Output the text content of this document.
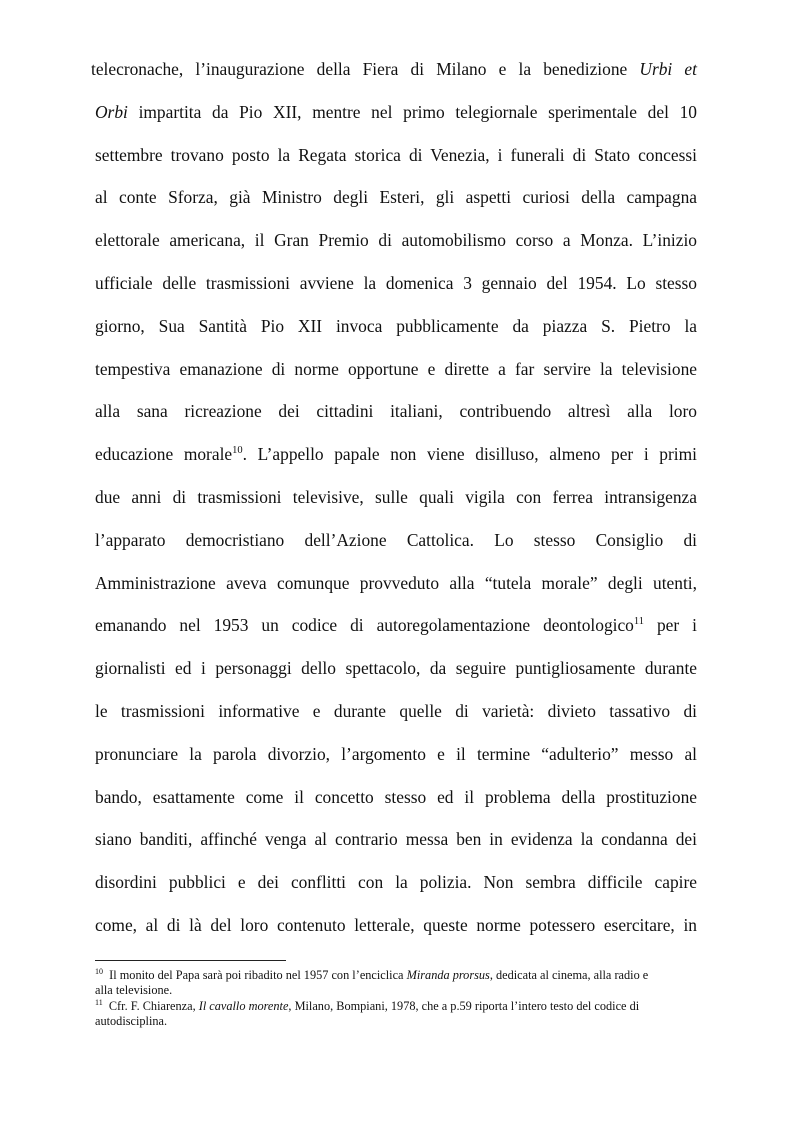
telecronache, l’inaugurazione della Fiera di Milano e la benedizione Urbi et
Orbi impartita da Pio XII, mentre nel primo telegiornale sperimentale del 10
settembre trovano posto la Regata storica di Venezia, i funerali di Stato concessi
al conte Sforza, già Ministro degli Esteri, gli aspetti curiosi della campagna
elettorale americana, il Gran Premio di automobilismo corso a Monza. L’inizio
ufficiale delle trasmissioni avviene la domenica 3 gennaio del 1954. Lo stesso
giorno, Sua Santità Pio XII invoca pubblicamente da piazza S. Pietro la
tempestiva emanazione di norme opportune e dirette a far servire la televisione
alla sana ricreazione dei cittadini italiani, contribuendo altresì alla loro
educazione morale$^{10}$. L’appello papale non viene disilluso, almeno per i primi
due anni di trasmissioni televisive, sulle quali vigila con ferrea intransigenza
l’apparato democristiano dell’Azione Cattolica. Lo stesso Consiglio di
Amministrazione aveva comunque provveduto alla “tutela morale” degli utenti,
emanando nel 1953 un codice di autoregolamentazione deontologico$^{11}$ per i
giornalisti ed i personaggi dello spettacolo, da seguire puntigliosamente durante
le trasmissioni informative e durante quelle di varietà: divieto tassativo di
pronunciare la parola divorzio, l’argomento e il termine “adulterio” messo al
bando, esattamente come il concetto stesso ed il problema della prostituzione
siano banditi, affinché venga al contrario messa ben in evidenza la condanna dei
disordini pubblici e dei conflitti con la polizia. Non sembra difficile capire
come, al di là del loro contenuto letterale, queste norme potessero esercitare, in
$^{10}$ Il monito del Papa sarà poi ribadito nel 1957 con l’enciclica Miranda prorsus, dedicata al cinema, alla radio e
alla televisione.
$^{11}$ Cfr. F. Chiarenza, Il cavallo morente, Milano, Bompiani, 1978, che a p.59 riporta l’intero testo del codice di
autodisciplina.
